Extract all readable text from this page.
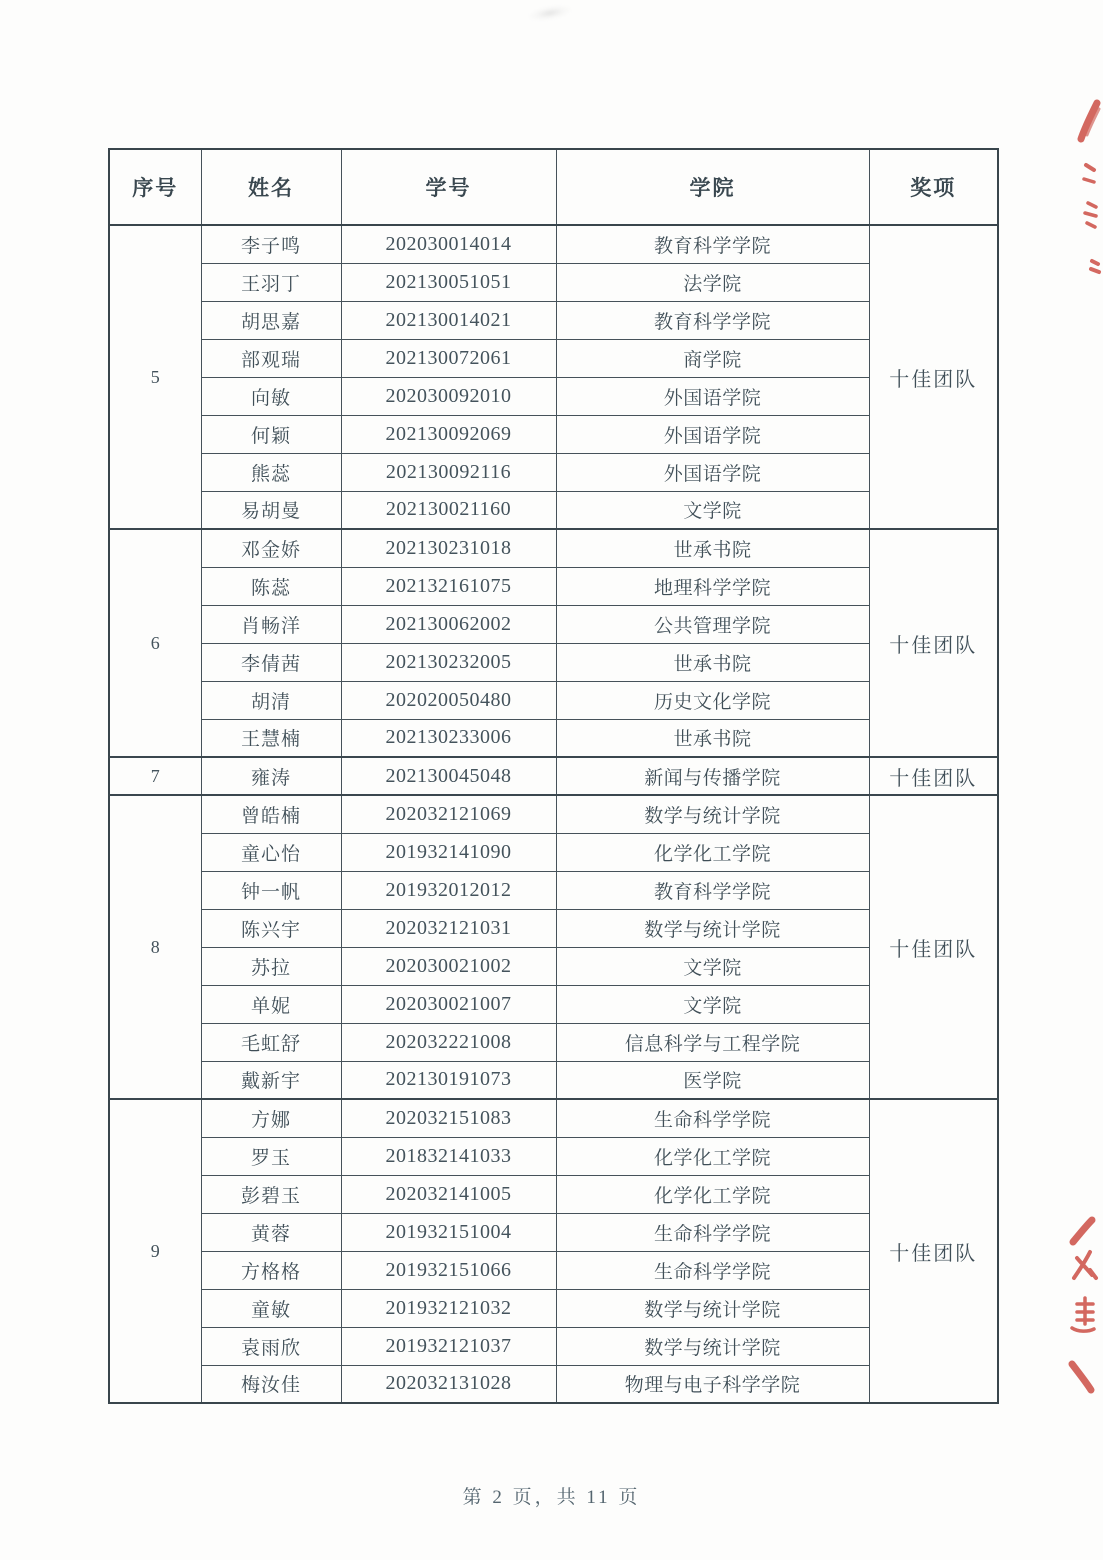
序号	姓名	学号	学院	奖项
5	李子鸣	202030014014	教育科学学院	十佳团队
	王羽丁	202130051051	法学院	
	胡思嘉	202130014021	教育科学学院	
	部观瑞	202130072061	商学院	
	向敏	202030092010	外国语学院	
	何颖	202130092069	外国语学院	
	熊蕊	202130092116	外国语学院	
	易胡曼	202130021160	文学院	
6	邓金娇	202130231018	世承书院	十佳团队
	陈蕊	202132161075	地理科学学院	
	肖畅洋	202130062002	公共管理学院	
	李倩茜	202130232005	世承书院	
	胡清	202020050480	历史文化学院	
	王慧楠	202130233006	世承书院	
7	雍涛	202130045048	新闻与传播学院	十佳团队
8	曾皓楠	202032121069	数学与统计学院	十佳团队
	童心怡	201932141090	化学化工学院	
	钟一帆	201932012012	教育科学学院	
	陈兴宇	202032121031	数学与统计学院	
	苏拉	202030021002	文学院	
	单妮	202030021007	文学院	
	毛虹舒	202032221008	信息科学与工程学院	
	戴新宇	202130191073	医学院	
9	方娜	202032151083	生命科学学院	十佳团队
	罗玉	201832141033	化学化工学院	
	彭碧玉	202032141005	化学化工学院	
	黄蓉	201932151004	生命科学学院	
	方格格	201932151066	生命科学学院	
	童敏	201932121032	数学与统计学院	
	袁雨欣	201932121037	数学与统计学院	
	梅汝佳	202032131028	物理与电子科学学院	
第 2 页，共 11 页
